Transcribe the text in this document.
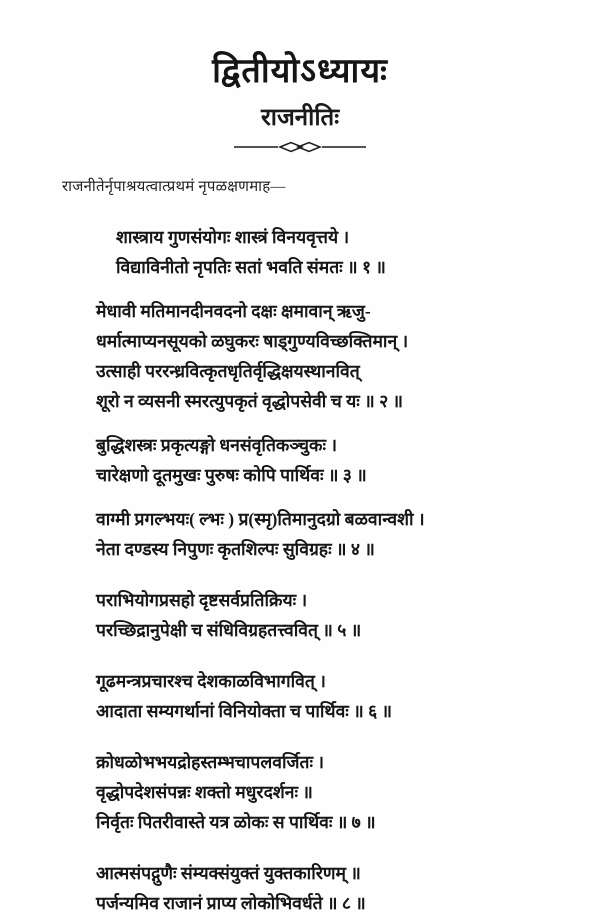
द्वितीयोऽध्यायः
राजनीतिः
राजनीतेर्नृपाश्रयत्वात्प्रथमं नृपळक्षणमाह—
शास्त्राय गुणसंयोगः शास्त्रं विनयवृत्तये ।
विद्याविनीतो नृपतिः सतां भवति संमतः ॥ १ ॥
मेधावी मतिमानदीनवदनो दक्षः क्षमावान् ऋजु-
धर्मात्माप्यनसूयको ळघुकरः षाड्गुण्यविच्छक्तिमान् ।
उत्साही पररन्ध्रवित्कृतधृतिर्वृद्धिक्षयस्थानवित्
शूरो न व्यसनी स्मरत्युपकृतं वृद्धोपसेवी च यः ॥ २ ॥
बुद्धिशस्त्रः प्रकृत्यङ्गो धनसंवृतिकञ्चुकः ।
चारेक्षणो दूतमुखः पुरुषः कोपि पार्थिवः ॥ ३ ॥
वाग्मी प्रगल्भयः( ल्भः ) प्र(स्मृ)तिमानुदग्रो बळवान्वशी ।
नेता दण्डस्य निपुणः कृतशिल्पः सुविग्रहः ॥ ४ ॥
पराभियोगप्रसहो दृष्टसर्वप्रतिक्रियः ।
परच्छिद्रानुपेक्षी च संधिविग्रहतत्त्ववित् ॥ ५ ॥
गूढमन्त्रप्रचारश्च देशकाळविभागवित् ।
आदाता सम्यगर्थानां विनियोक्ता च पार्थिवः ॥ ६ ॥
क्रोधळोभभयद्रोहस्तम्भचापलवर्जितः ।
वृद्धोपदेशसंपन्नः शक्तो मधुरदर्शनः ॥
निर्वृतः पितरीवास्ते यत्र ळोकः स पार्थिवः ॥ ७ ॥
आत्मसंपद्गुणैः संम्यक्संयुक्तं युक्तकारिणम् ॥
पर्जन्यमिव राजानं प्राप्य लोकोभिवर्धते ॥ ८ ॥
